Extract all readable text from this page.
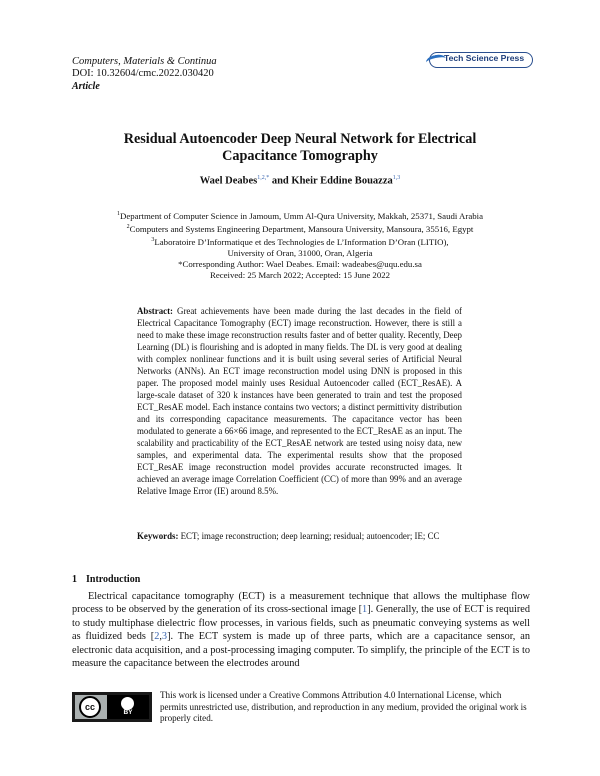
Computers, Materials & Continua
DOI: 10.32604/cmc.2022.030420
Article
Tech Science Press
Residual Autoencoder Deep Neural Network for Electrical
Capacitance Tomography
Wael Deabes$^{1,2,*}$ and Kheir Eddine Bouazza$^{1,3}$
$^1$Department of Computer Science in Jamoum, Umm Al-Qura University, Makkah, 25371, Saudi Arabia
$^2$Computers and Systems Engineering Department, Mansoura University, Mansoura, 35516, Egypt
$^3$Laboratoire D’Informatique et des Technologies de L’Information D’Oran (LITIO),
University of Oran, 31000, Oran, Algeria
*Corresponding Author: Wael Deabes. Email: wadeabes@uqu.edu.sa
Received: 25 March 2022; Accepted: 15 June 2022
Abstract: Great achievements have been made during the last decades in the field of Electrical Capacitance Tomography (ECT) image reconstruction. However, there is still a need to make these image reconstruction results faster and of better quality. Recently, Deep Learning (DL) is flourishing and is adopted in many fields. The DL is very good at dealing with complex nonlinear functions and it is built using several series of Artificial Neural Networks (ANNs). An ECT image reconstruction model using DNN is proposed in this paper. The proposed model mainly uses Residual Autoencoder called (ECT_ResAE). A large-scale dataset of 320 k instances have been generated to train and test the proposed ECT_ResAE model. Each instance contains two vectors; a distinct permittivity distribution and its corresponding capacitance measurements. The capacitance vector has been modulated to generate a 66×66 image, and represented to the ECT_ResAE as an input. The scalability and practicability of the ECT_ResAE network are tested using noisy data, new samples, and experimental data. The experimental results show that the proposed ECT_ResAE image reconstruction model provides accurate reconstructed images. It achieved an average image Correlation Coefficient (CC) of more than 99% and an average Relative Image Error (IE) around 8.5%.
Keywords: ECT; image reconstruction; deep learning; residual; autoencoder; IE; CC
1 Introduction
Electrical capacitance tomography (ECT) is a measurement technique that allows the multiphase flow process to be observed by the generation of its cross-sectional image [1]. Generally, the use of ECT is required to study multiphase dielectric flow processes, in various fields, such as pneumatic conveying systems as well as fluidized beds [2,3]. The ECT system is made up of three parts, which are a capacitance sensor, an electronic data acquisition, and a post-processing imaging computer. To simplify, the principle of the ECT is to measure the capacitance between the electrodes around
cc
BY
This work is licensed under a Creative Commons Attribution 4.0 International License, which permits unrestricted use, distribution, and reproduction in any medium, provided the original work is properly cited.
